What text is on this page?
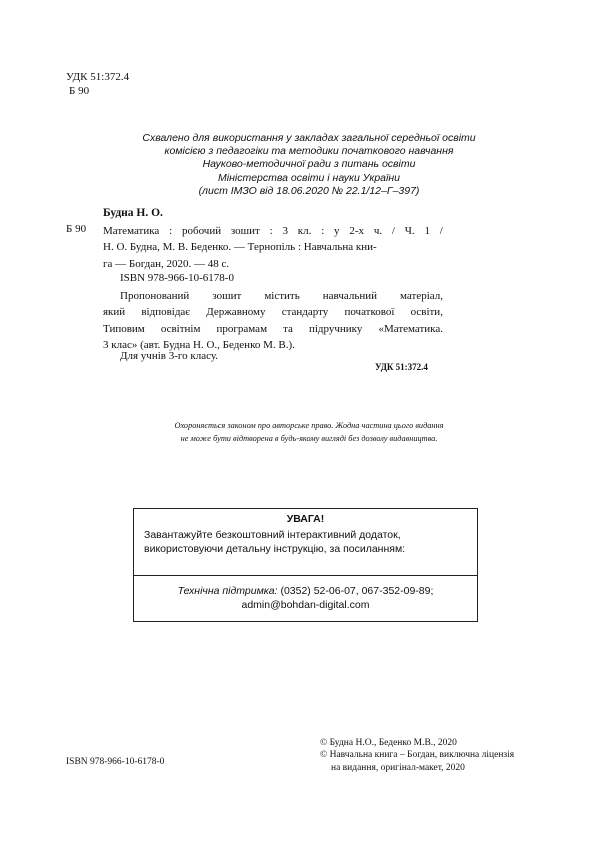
УДК 51:372.4
Б 90
Схвалено для використання у закладах загальної середньої освіти
комісією з педагогіки та методики початкового навчання
Науково-методичної ради з питань освіти
Міністерства освіти і науки України
(лист ІМЗО від 18.06.2020 № 22.1/12–Г–397)
Будна Н. О.
Б 90 Математика : робочий зошит : 3 кл. : у 2-х ч. / Ч. 1 /
Н. О. Будна, М. В. Беденко. — Тернопіль : Навчальна кни-
га — Богдан, 2020. — 48 с.
ISBN 978-966-10-6178-0
Пропонований зошит містить навчальний матеріал,
який відповідає Державному стандарту початкової освіти,
Типовим освітнім програмам та підручнику «Математика.
3 клас» (авт. Будна Н. О., Беденко М. В.).
Для учнів 3-го класу.
УДК 51:372.4
Охороняється законом про авторське право. Жодна частина цього видання
не може бути відтворена в будь-якому вигляді без дозволу видавництва.
УВАГА!
Завантажуйте безкоштовний інтерактивний додаток,
використовуючи детальну інструкцію, за посиланням:
Технічна підтримка: (0352) 52-06-07, 067-352-09-89;
admin@bohdan-digital.com
ISBN 978-966-10-6178-0
© Будна Н.О., Беденко М.В., 2020
© Навчальна книга – Богдан, виключна ліцензія
на видання, оригінал-макет, 2020
